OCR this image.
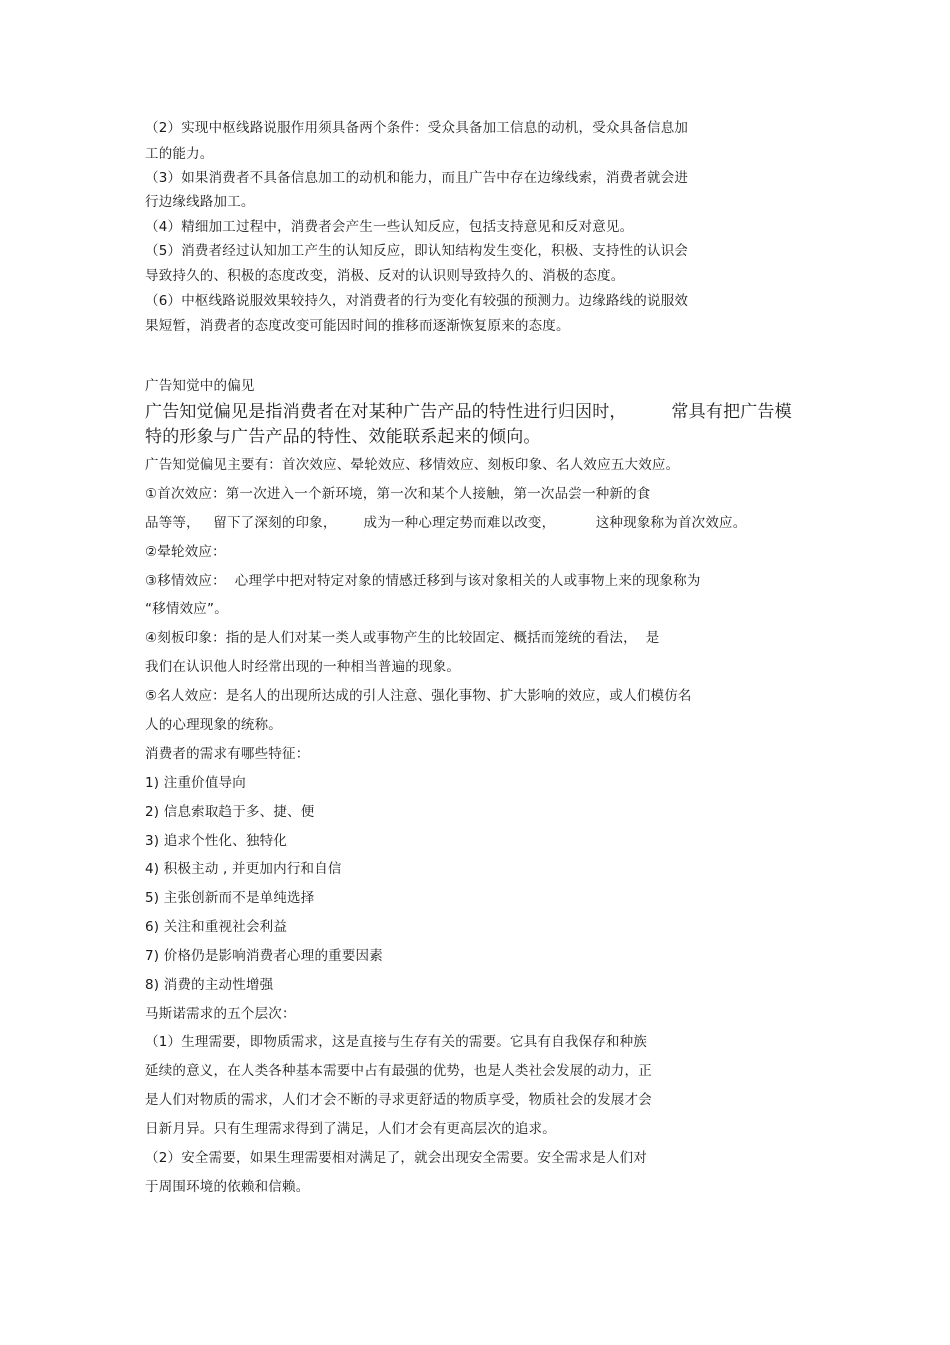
（2）实现中枢线路说服作用须具备两个条件：受众具备加工信息的动机，受众具备信息加
工的能力。
（3）如果消费者不具备信息加工的动机和能力，而且广告中存在边缘线索，消费者就会进
行边缘线路加工。
（4）精细加工过程中，消费者会产生一些认知反应，包括支持意见和反对意见。
（5）消费者经过认知加工产生的认知反应，即认知结构发生变化，积极、支持性的认识会
导致持久的、积极的态度改变，消极、反对的认识则导致持久的、消极的态度。
（6）中枢线路说服效果较持久，对消费者的行为变化有较强的预测力。边缘路线的说服效
果短暂，消费者的态度改变可能因时间的推移而逐渐恢复原来的态度。
广告知觉中的偏见
广告知觉偏见是指消费者在对某种广告产品的特性进行归因时，        常具有把广告模
特的形象与广告产品的特性、效能联系起来的倾向。
广告知觉偏见主要有：首次效应、晕轮效应、移情效应、刻板印象、名人效应五大效应。
①首次效应：第一次进入一个新环境，第一次和某个人接触，第一次品尝一种新的食
品等等，   留下了深刻的印象，      成为一种心理定势而难以改变，         这种现象称为首次效应。
②晕轮效应：
③移情效应：  心理学中把对特定对象的情感迁移到与该对象相关的人或事物上来的现象称为
“移情效应”。
④刻板印象：指的是人们对某一类人或事物产生的比较固定、概括而笼统的看法，  是
我们在认识他人时经常出现的一种相当普遍的现象。
⑤名人效应：是名人的出现所达成的引人注意、强化事物、扩大影响的效应，或人们模仿名
人的心理现象的统称。
消费者的需求有哪些特征：
1) 注重价值导向
2) 信息索取趋于多、捷、便
3) 追求个性化、独特化
4) 积极主动 , 并更加内行和自信
5) 主张创新而不是单纯选择
6) 关注和重视社会利益
7) 价格仍是影响消费者心理的重要因素
8) 消费的主动性增强
马斯诺需求的五个层次：
（1）生理需要，即物质需求，这是直接与生存有关的需要。它具有自我保存和种族
延续的意义，在人类各种基本需要中占有最强的优势，也是人类社会发展的动力，正
是人们对物质的需求，人们才会不断的寻求更舒适的物质享受，物质社会的发展才会
日新月异。只有生理需求得到了满足，人们才会有更高层次的追求。
（2）安全需要，如果生理需要相对满足了，就会出现安全需要。安全需求是人们对
于周围环境的依赖和信赖。
